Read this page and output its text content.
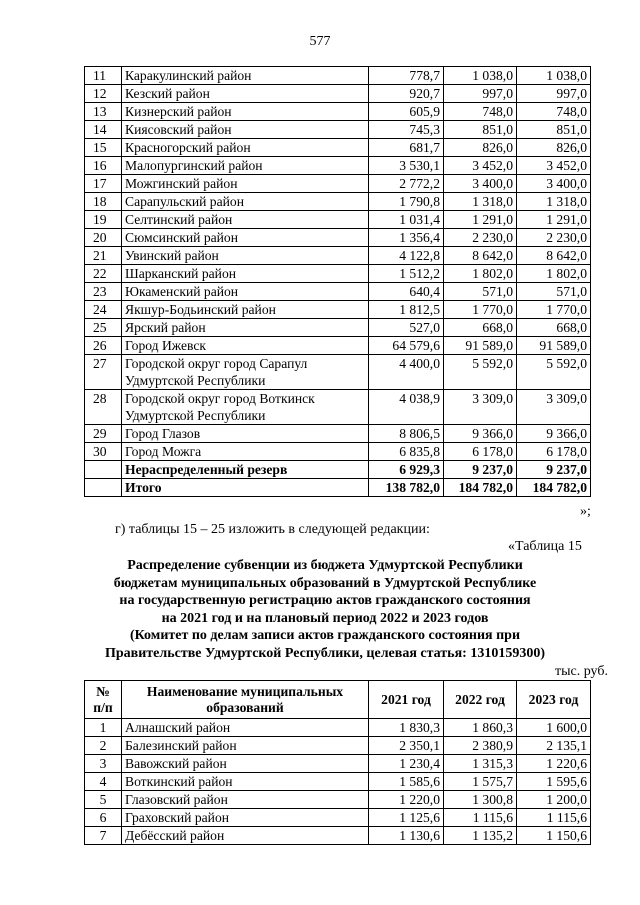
577
11	Каракулинский район	778,7	1 038,0	1 038,0
12	Кезский район	920,7	997,0	997,0
13	Кизнерский район	605,9	748,0	748,0
14	Киясовский район	745,3	851,0	851,0
15	Красногорский район	681,7	826,0	826,0
16	Малопургинский район	3 530,1	3 452,0	3 452,0
17	Можгинский район	2 772,2	3 400,0	3 400,0
18	Сарапульский район	1 790,8	1 318,0	1 318,0
19	Селтинский район	1 031,4	1 291,0	1 291,0
20	Сюмсинский район	1 356,4	2 230,0	2 230,0
21	Увинский район	4 122,8	8 642,0	8 642,0
22	Шарканский район	1 512,2	1 802,0	1 802,0
23	Юкаменский район	640,4	571,0	571,0
24	Якшур-Бодьинский район	1 812,5	1 770,0	1 770,0
25	Ярский район	527,0	668,0	668,0
26	Город Ижевск	64 579,6	91 589,0	91 589,0
27	Городской округ город Сарапул Удмуртской Республики	4 400,0	5 592,0	5 592,0
28	Городской округ город Воткинск Удмуртской Республики	4 038,9	3 309,0	3 309,0
29	Город Глазов	8 806,5	9 366,0	9 366,0
30	Город Можга	6 835,8	6 178,0	6 178,0
	Нераспределенный резерв	6 929,3	9 237,0	9 237,0
	Итого	138 782,0	184 782,0	184 782,0
»;
г) таблицы 15 – 25 изложить в следующей редакции:
«Таблица 15
Распределение субвенции из бюджета Удмуртской Республики
бюджетам муниципальных образований в Удмуртской Республике
на государственную регистрацию актов гражданского состояния
на 2021 год и на плановый период 2022 и 2023 годов
(Комитет по делам записи актов гражданского состояния при
Правительстве Удмуртской Республики, целевая статья: 1310159300)
тыс. руб.
№ п/п	Наименование муниципальных образований	2021 год	2022 год	2023 год
1	Алнашский район	1 830,3	1 860,3	1 600,0
2	Балезинский район	2 350,1	2 380,9	2 135,1
3	Вавожский район	1 230,4	1 315,3	1 220,6
4	Воткинский район	1 585,6	1 575,7	1 595,6
5	Глазовский район	1 220,0	1 300,8	1 200,0
6	Граховский район	1 125,6	1 115,6	1 115,6
7	Дебёсский район	1 130,6	1 135,2	1 150,6
